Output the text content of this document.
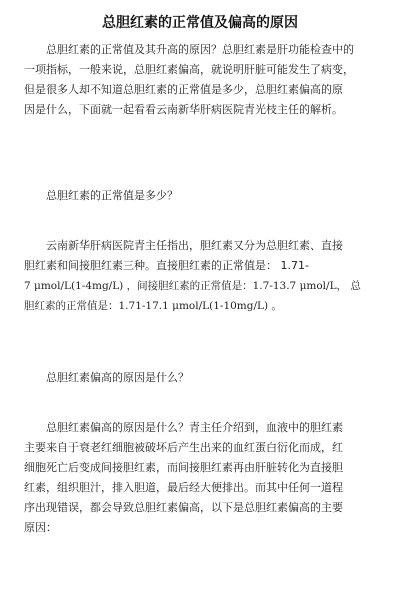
总胆红素的正常值及偏高的原因

总胆红素的正常值及其升高的原因？总胆红素是肝功能检查中的
一项指标，一般来说，总胆红素偏高，就说明肝脏可能发生了病变，
但是很多人却不知道总胆红素的正常值是多少，总胆红素偏高的原
因是什么，下面就一起看看云南新华肝病医院青光枝主任的解析。

总胆红素的正常值是多少？

云南新华肝病医院青主任指出，胆红素又分为总胆红素、直接
胆红素和间接胆红素三种。直接胆红素的正常值是： 1.71-
7 μmol/L(1-4mg/L) ，间接胆红素的正常值是：1.7-13.7 μmol/L， 总
胆红素的正常值是：1.71-17.1 μmol/L(1-10mg/L) 。

总胆红素偏高的原因是什么？

总胆红素偏高的原因是什么？青主任介绍到，血液中的胆红素
主要来自于衰老红细胞被破坏后产生出来的血红蛋白衍化而成，红
细胞死亡后变成间接胆红素，而间接胆红素再由肝脏转化为直接胆
红素，组织胆汁，排入胆道，最后经大便排出。而其中任何一道程
序出现错误，都会导致总胆红素偏高，以下是总胆红素偏高的主要
原因：
